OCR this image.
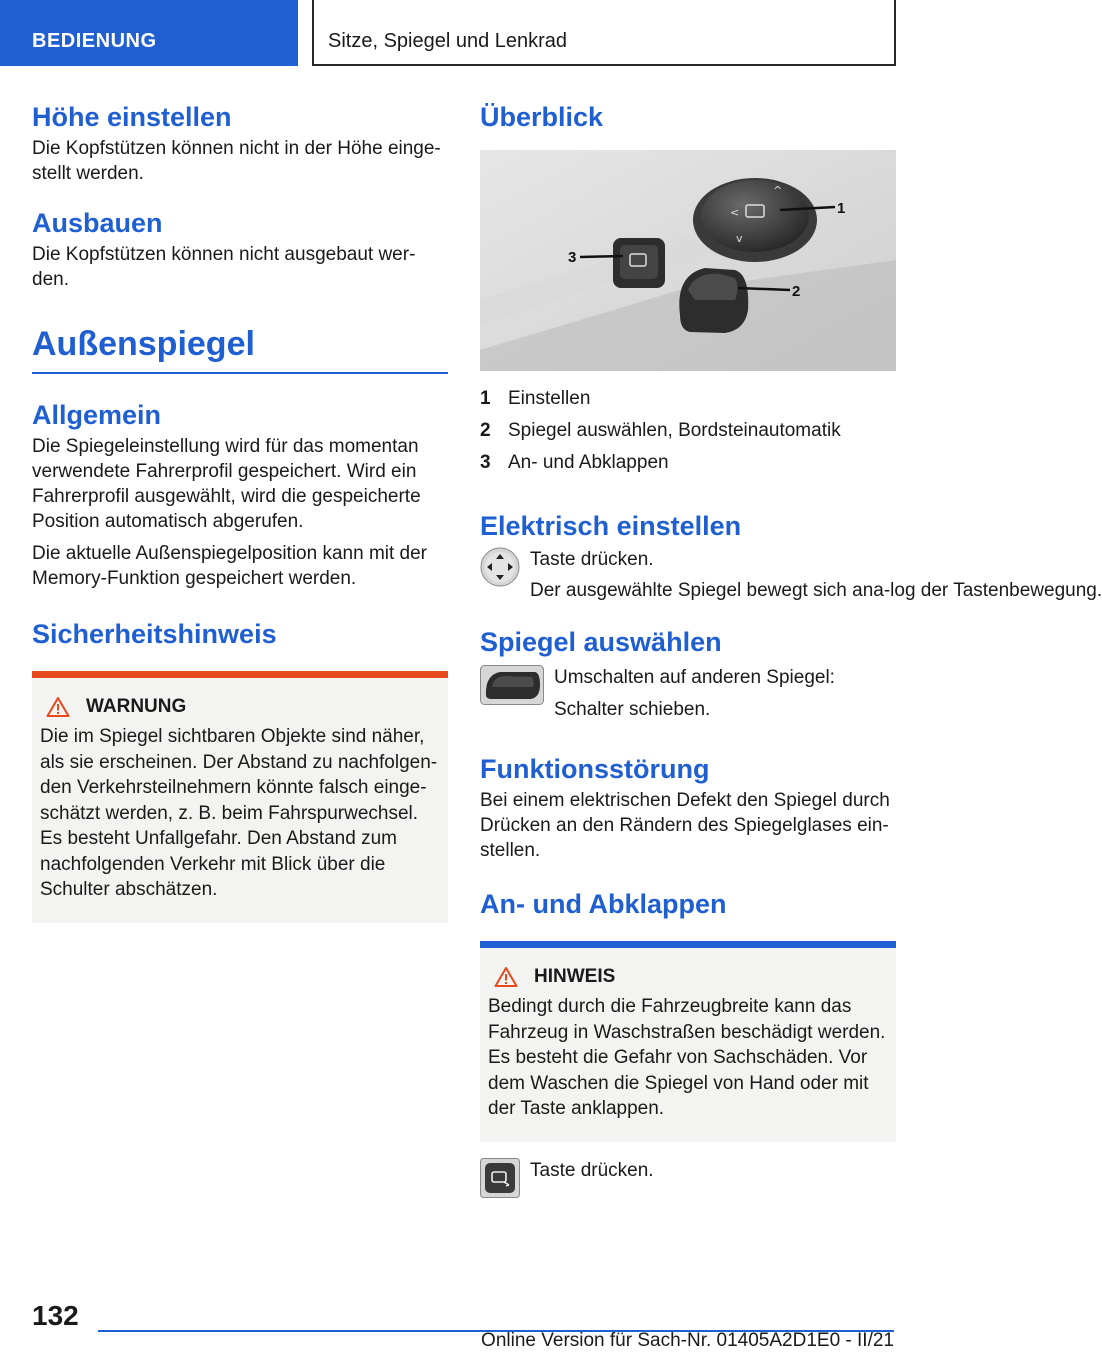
BEDIENUNG	Sitze, Spiegel und Lenkrad
Höhe einstellen

Die Kopfstützen können nicht in der Höhe einge-stellt werden.

Ausbauen

Die Kopfstützen können nicht ausgebaut wer-den.

Außenspiegel
Allgemein

Die Spiegeleinstellung wird für das momentan verwendete Fahrerprofil gespeichert. Wird ein Fahrerprofil ausgewählt, wird die gespeicherte Position automatisch abgerufen.

Die aktuelle Außenspiegelposition kann mit der Memory-Funktion gespeichert werden.

Sicherheitshinweis
WARNUNG
Die im Spiegel sichtbaren Objekte sind näher, als sie erscheinen. Der Abstand zu nachfolgen-den Verkehrsteilnehmern könnte falsch einge-schätzt werden, z. B. beim Fahrspurwechsel. Es besteht Unfallgefahr. Den Abstand zum nachfolgenden Verkehr mit Blick über die Schulter abschätzen.
Überblick
^
<
v
1
2
3
1 Einstellen
2 Spiegel auswählen, Bordsteinautomatik
3 An- und Abklappen
Elektrisch einstellen

Taste drücken.

Der ausgewählte Spiegel bewegt sich ana-log der Tastenbewegung.

Spiegel auswählen

Umschalten auf anderen Spiegel:

Schalter schieben.

Funktionsstörung

Bei einem elektrischen Defekt den Spiegel durch Drücken an den Rändern des Spiegelglases ein-stellen.

An- und Abklappen
HINWEIS
Bedingt durch die Fahrzeugbreite kann das Fahrzeug in Waschstraßen beschädigt werden. Es besteht die Gefahr von Sachschäden. Vor dem Waschen die Spiegel von Hand oder mit der Taste anklappen.

Taste drücken.

132
Online Version für Sach-Nr. 01405A2D1E0 - II/21
